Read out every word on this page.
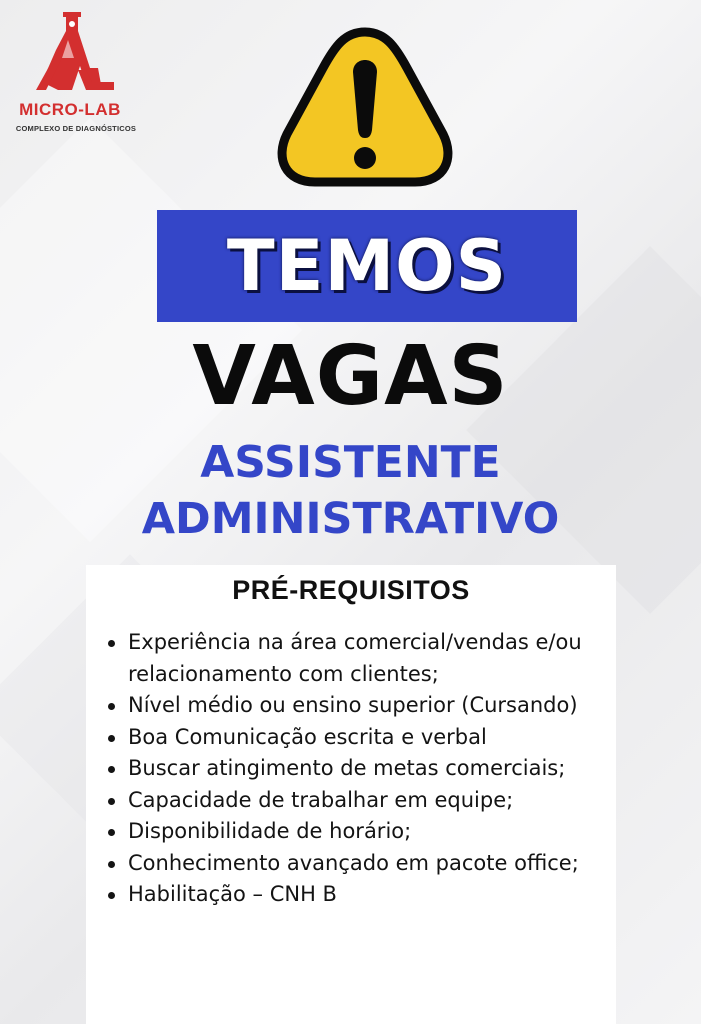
MICRO-LAB
COMPLEXO DE DIAGNÓSTICOS
TEMOS
VAGAS
ASSISTENTE
ADMINISTRATIVO
PRÉ-REQUISITOS
Experiência na área comercial/vendas e/ou relacionamento com clientes;
Nível médio ou ensino superior (Cursando)
Boa Comunicação escrita e verbal
Buscar atingimento de metas comerciais;
Capacidade de trabalhar em equipe;
Disponibilidade de horário;
Conhecimento avançado em pacote office;
Habilitação – CNH B
